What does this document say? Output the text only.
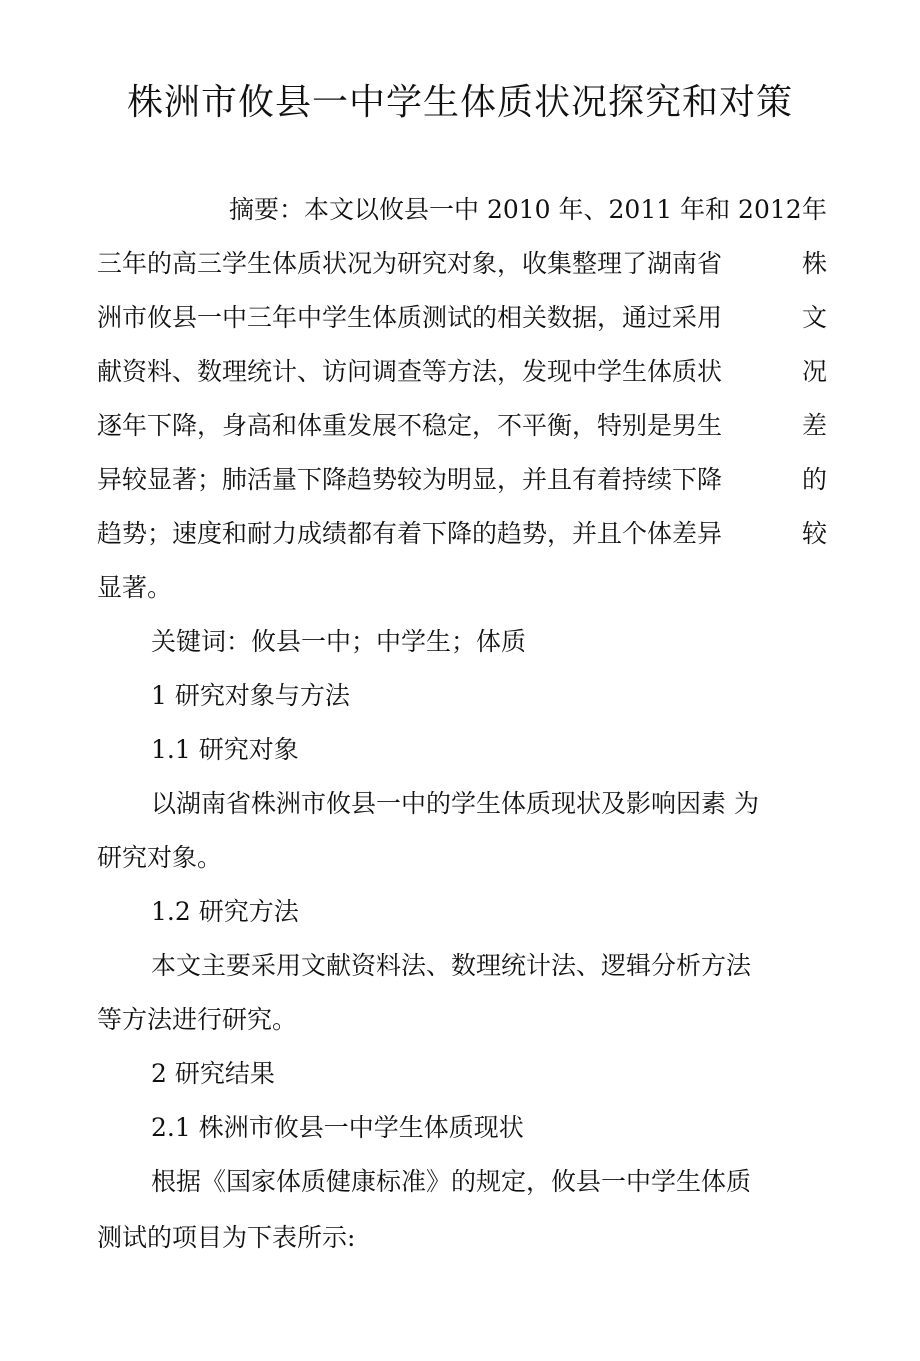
株洲市攸县一中学生体质状况探究和对策
摘要：本文以攸县一中 2010 年、2011 年和 2012 年
三年的高三学生体质状况为研究对象，收集整理了湖南省	株
洲市攸县一中三年中学生体质测试的相关数据，通过采用	文
献资料、数理统计、访问调查等方法，发现中学生体质状	况
逐年下降，身高和体重发展不稳定，不平衡，特别是男生	差
异较显著；肺活量下降趋势较为明显，并且有着持续下降	的
趋势；速度和耐力成绩都有着下降的趋势，并且个体差异	较
显著。
关键词：攸县一中；中学生；体质
1 研究对象与方法
1.1 研究对象
以湖南省株洲市攸县一中的学生体质现状及影响因素 为
研究对象。
1.2 研究方法
本文主要采用文献资料法、数理统计法、逻辑分析方法
等方法进行研究。
2 研究结果
2.1 株洲市攸县一中学生体质现状
根据《国家体质健康标准》的规定，攸县一中学生体质
测试的项目为下表所示:
